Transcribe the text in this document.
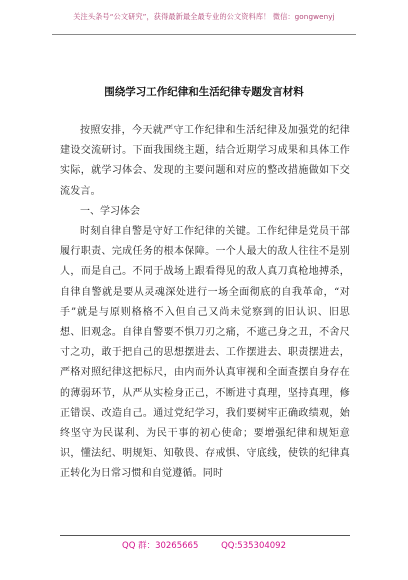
关注头条号“公文研究”，获得最新最全最专业的公文资料库！ 微信：gongwenyj
围绕学习工作纪律和生活纪律专题发言材料

按照安排，今天就严守工作纪律和生活纪律及加强党的纪律建设交流研讨。下面我围绕主题，结合近期学习成果和具体工作实际，就学习体会、发现的主要问题和对应的整改措施做如下交流发言。

一、学习体会

时刻自律自警是守好工作纪律的关键。工作纪律是党员干部履行职责、完成任务的根本保障。一个人最大的敌人往往不是别人，而是自己。不同于战场上跟看得见的敌人真刀真枪地搏杀，自律自警就是要从灵魂深处进行一场全面彻底的自我革命，“对手”就是与原则格格不入但自己又尚未觉察到的旧认识、旧思想、旧观念。自律自警要不惧刀刃之痛，不遮己身之丑，不舍尺寸之功，敢于把自己的思想摆进去、工作摆进去、职责摆进去，严格对照纪律这把标尺，由内而外认真审视和全面查摆自身存在的薄弱环节，从严从实检身正己，不断进寸真理，坚持真理，修正错误、改造自己。通过党纪学习，我们要树牢正确政绩观，始终坚守为民谋利、为民干事的初心使命；要增强纪律和规矩意识，懂法纪、明规矩、知敬畏、存戒惧、守底线，使铁的纪律真正转化为日常习惯和自觉遵循。同时

QQ 群：30265665	QQ:535304092
